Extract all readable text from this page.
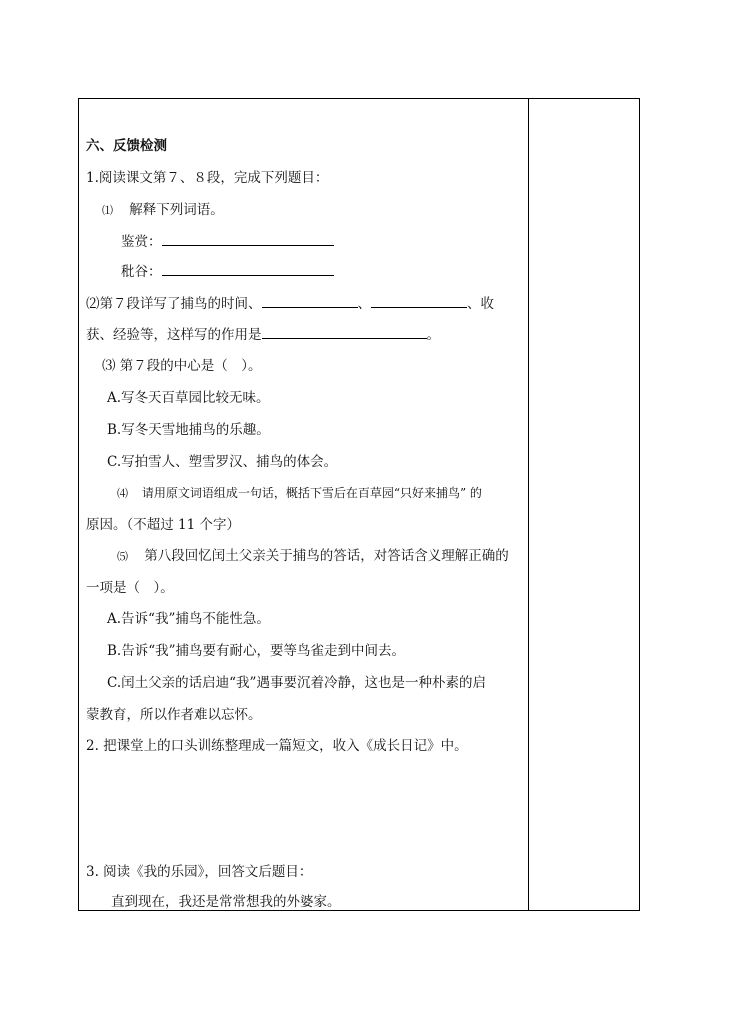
六、反馈检测
1.阅读课文第７、８段，完成下列题目：
⑴ 解释下列词语。
鉴赏：
秕谷：
⑵第７段详写了捕鸟的时间、	、	、收
获、经验等，这样写的作用是	。
⑶ 第７段的中心是（　）。
A.写冬天百草园比较无味。
B.写冬天雪地捕鸟的乐趣。
C.写拍雪人、塑雪罗汉、捕鸟的体会。
⑷ 请用原文词语组成一句话，概括下雪后在百草园“只好来捕鸟” 的
原因。（不超过 11 个字）
⑸ 第八段回忆闰土父亲关于捕鸟的答话，对答话含义理解正确的
一项是（　）。
A.告诉“我”捕鸟不能性急。
B.告诉“我”捕鸟要有耐心，要等鸟雀走到中间去。
C.闰土父亲的话启迪“我”遇事要沉着冷静，这也是一种朴素的启
蒙教育，所以作者难以忘怀。
2. 把课堂上的口头训练整理成一篇短文，收入《成长日记》中。
3. 阅读《我的乐园》，回答文后题目：
直到现在，我还是常常想我的外婆家。
